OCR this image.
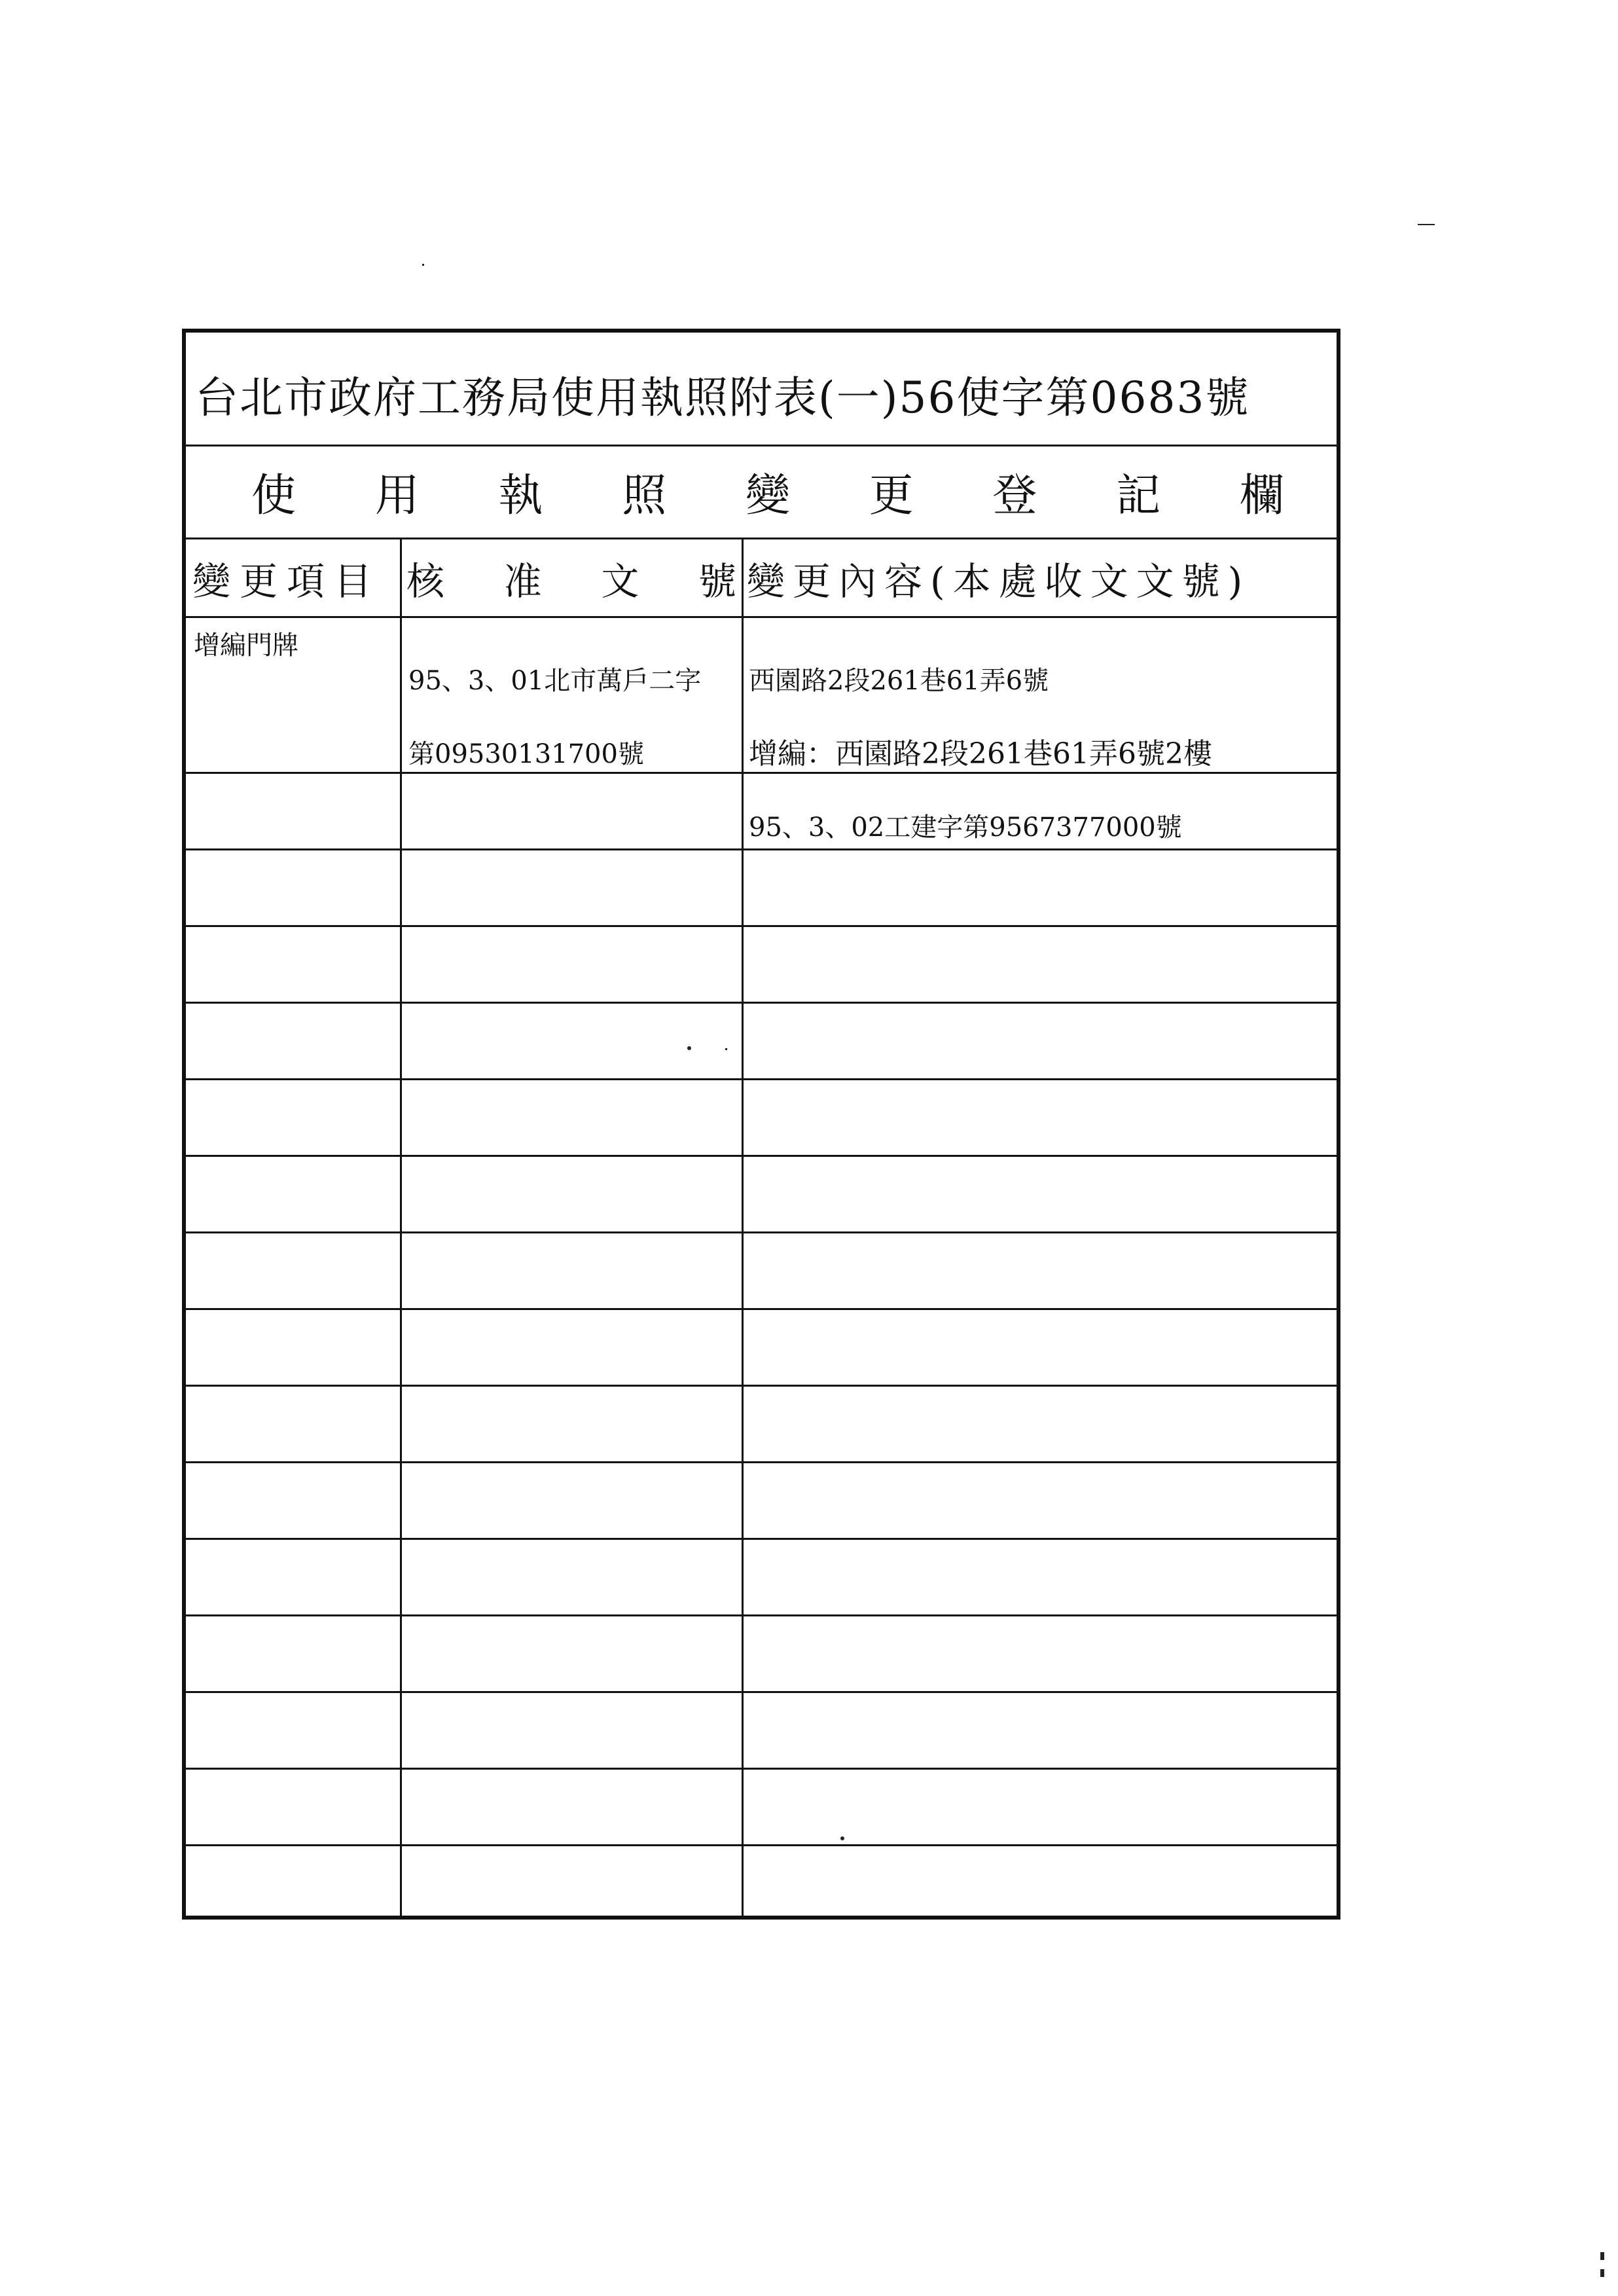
台北市政府工務局使用執照附表(一)56使字第0683號
使 用 執 照 變 更 登 記 欄
變更項目 核 准 文 號 變更內容(本處收文文號)
增編門牌

95、3、01北市萬戶二字

第09530131700號

西園路2段261巷61弄6號

增編：西園路2段261巷61弄6號2樓

95、3、02工建字第9567377000號
